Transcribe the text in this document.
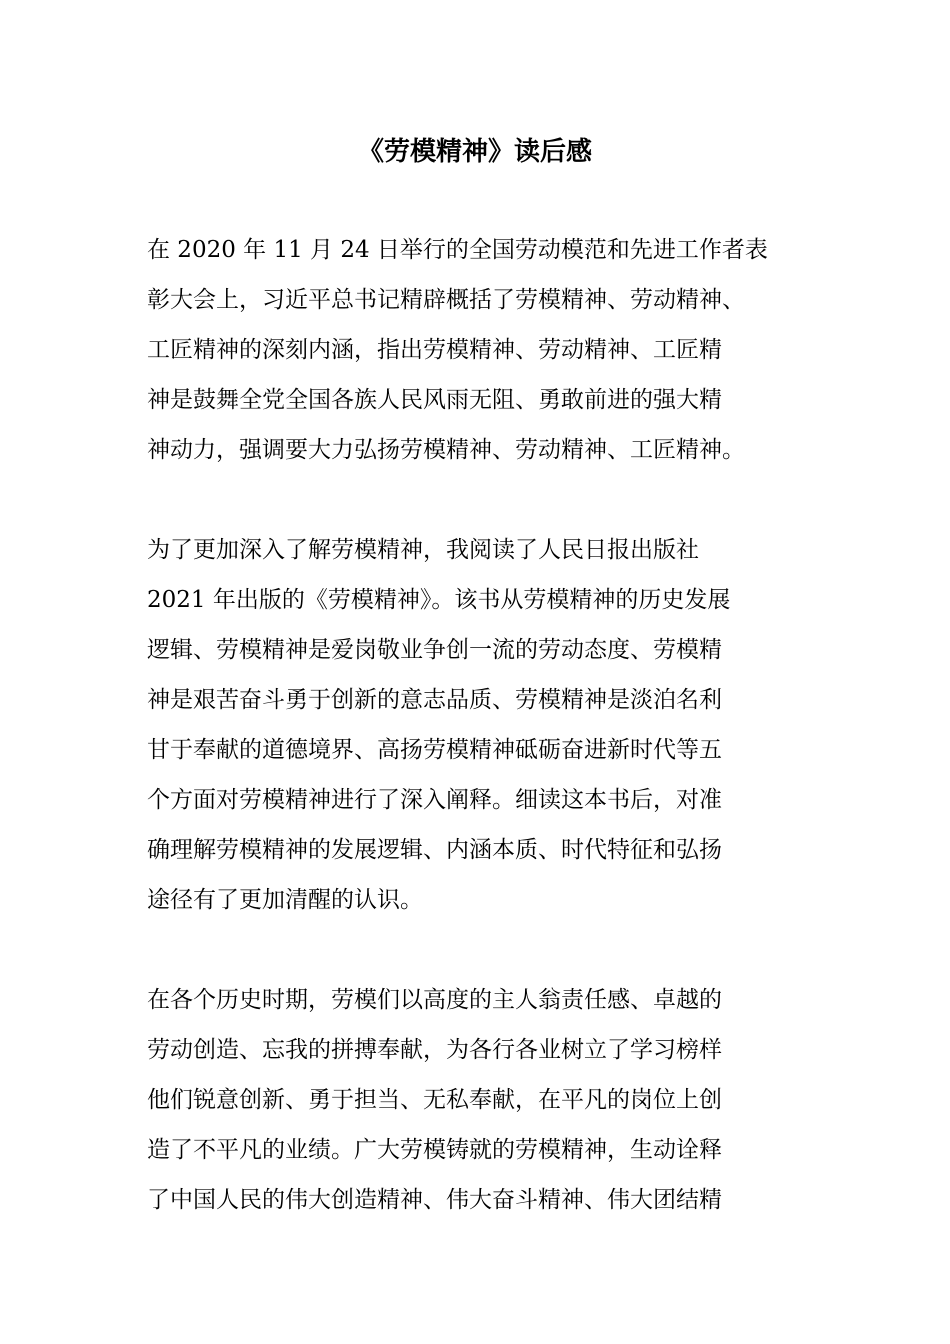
《劳模精神》读后感
在 2020 年 11 月 24 日举行的全国劳动模范和先进工作者表
彰大会上，习近平总书记精辟概括了劳模精神、劳动精神、
工匠精神的深刻内涵，指出劳模精神、劳动精神、工匠精
神是鼓舞全党全国各族人民风雨无阻、勇敢前进的强大精
神动力，强调要大力弘扬劳模精神、劳动精神、工匠精神。
为了更加深入了解劳模精神，我阅读了人民日报出版社
2021 年出版的《劳模精神》。该书从劳模精神的历史发展
逻辑、劳模精神是爱岗敬业争创一流的劳动态度、劳模精
神是艰苦奋斗勇于创新的意志品质、劳模精神是淡泊名利
甘于奉献的道德境界、高扬劳模精神砥砺奋进新时代等五
个方面对劳模精神进行了深入阐释。细读这本书后，对准
确理解劳模精神的发展逻辑、内涵本质、时代特征和弘扬
途径有了更加清醒的认识。
在各个历史时期，劳模们以高度的主人翁责任感、卓越的
劳动创造、忘我的拼搏奉献，为各行各业树立了学习榜样
他们锐意创新、勇于担当、无私奉献，在平凡的岗位上创
造了不平凡的业绩。广大劳模铸就的劳模精神，生动诠释
了中国人民的伟大创造精神、伟大奋斗精神、伟大团结精
